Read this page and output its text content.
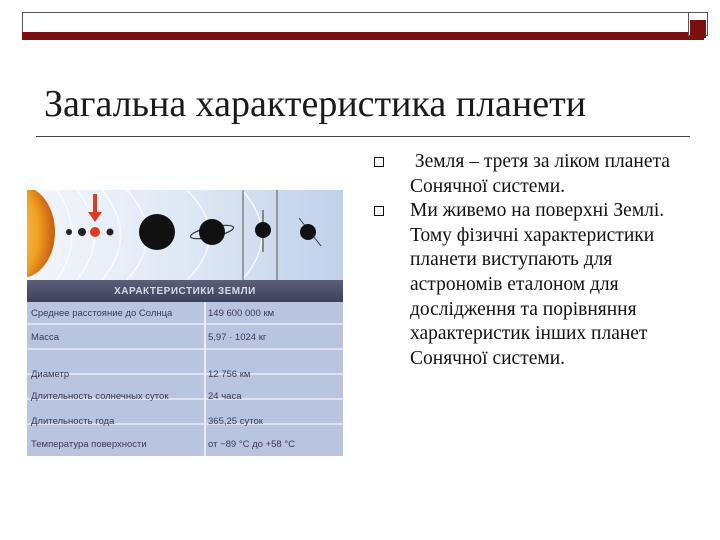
Загальна характеристика планети
ХАРАКТЕРИСТИКИ ЗЕМЛИ
Среднее расстояние до Солнца	149 600 000 км
Масса	5,97 · 1024 кг
Диаметр	12 756 км
Длительность солнечных суток	24 часа
Длительность года	365,25 суток
Температура поверхности	от −89 °С до +58 °С
Земля – третя за ліком планета Сонячної системи.
Ми живемо на поверхні Землі. Тому фізичні характеристики планети виступають для астрономів еталоном для дослідження та порівняння характеристик інших планет Сонячної системи.
